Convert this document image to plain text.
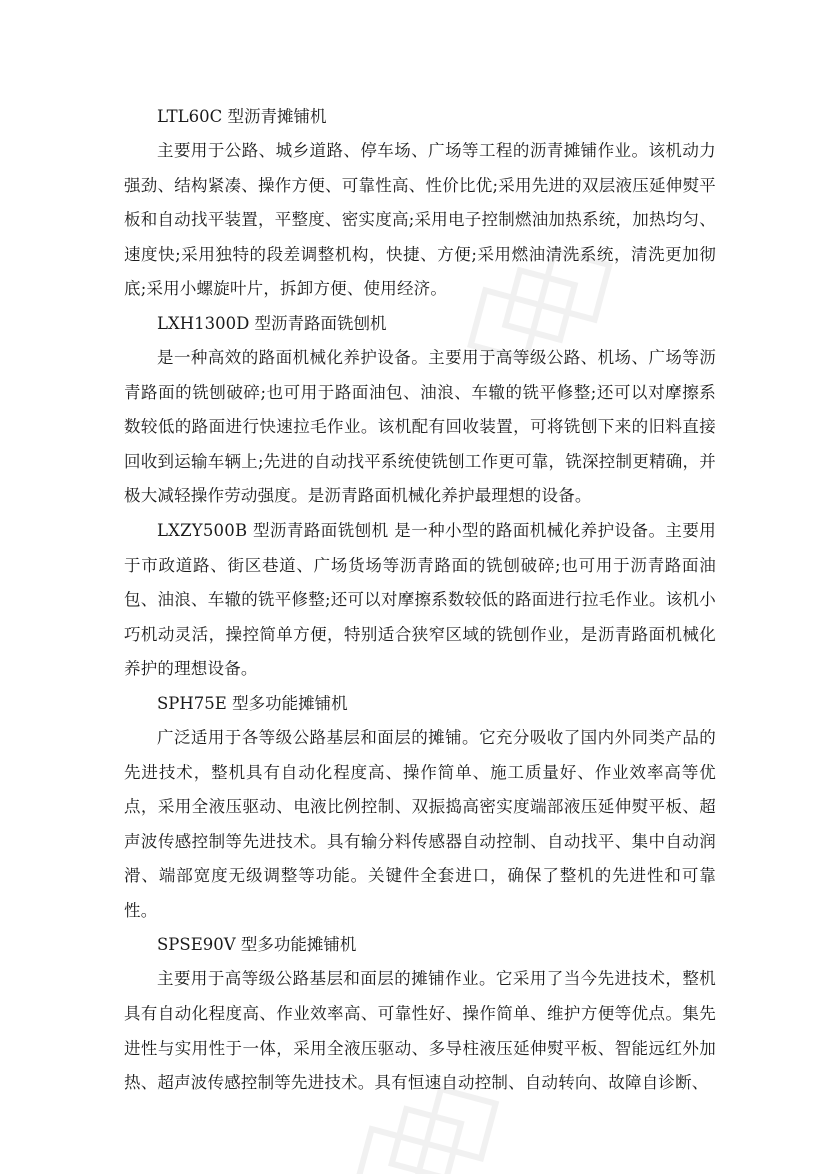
LTL60C 型沥青摊铺机

主要用于公路、城乡道路、停车场、广场等工程的沥青摊铺作业。该机动力强劲、结构紧凑、操作方便、可靠性高、性价比优;采用先进的双层液压延伸熨平板和自动找平装置，平整度、密实度高;采用电子控制燃油加热系统，加热均匀、速度快;采用独特的段差调整机构，快捷、方便;采用燃油清洗系统，清洗更加彻底;采用小螺旋叶片，拆卸方便、使用经济。

LXH1300D 型沥青路面铣刨机

是一种高效的路面机械化养护设备。主要用于高等级公路、机场、广场等沥青路面的铣刨破碎;也可用于路面油包、油浪、车辙的铣平修整;还可以对摩擦系数较低的路面进行快速拉毛作业。该机配有回收装置，可将铣刨下来的旧料直接回收到运输车辆上;先进的自动找平系统使铣刨工作更可靠，铣深控制更精确，并极大减轻操作劳动强度。是沥青路面机械化养护最理想的设备。

LXZY500B 型沥青路面铣刨机 是一种小型的路面机械化养护设备。主要用于市政道路、街区巷道、广场货场等沥青路面的铣刨破碎;也可用于沥青路面油包、油浪、车辙的铣平修整;还可以对摩擦系数较低的路面进行拉毛作业。该机小巧机动灵活，操控简单方便，特别适合狭窄区域的铣刨作业，是沥青路面机械化养护的理想设备。

SPH75E 型多功能摊铺机

广泛适用于各等级公路基层和面层的摊铺。它充分吸收了国内外同类产品的先进技术，整机具有自动化程度高、操作简单、施工质量好、作业效率高等优点，采用全液压驱动、电液比例控制、双振捣高密实度端部液压延伸熨平板、超声波传感控制等先进技术。具有输分料传感器自动控制、自动找平、集中自动润滑、端部宽度无级调整等功能。关键件全套进口，确保了整机的先进性和可靠性。

SPSE90V 型多功能摊铺机

主要用于高等级公路基层和面层的摊铺作业。它采用了当今先进技术，整机具有自动化程度高、作业效率高、可靠性好、操作简单、维护方便等优点。集先进性与实用性于一体，采用全液压驱动、多导柱液压延伸熨平板、智能远红外加热、超声波传感控制等先进技术。具有恒速自动控制、自动转向、故障自诊断、
